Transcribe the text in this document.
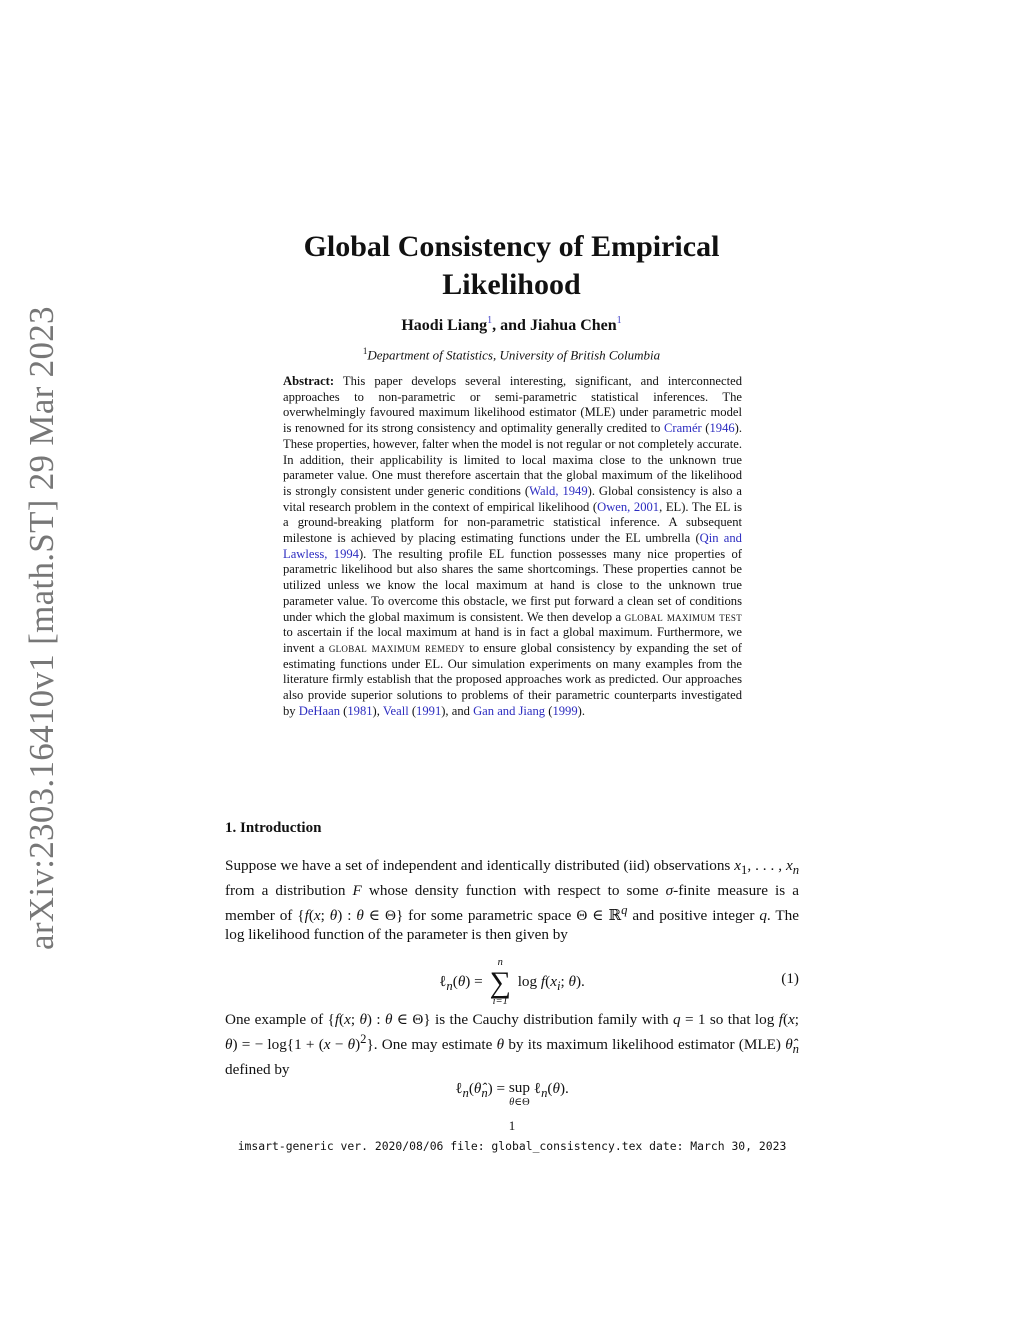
arXiv:2303.16410v1 [math.ST] 29 Mar 2023
Global Consistency of Empirical Likelihood
Haodi Liang$^1$, and Jiahua Chen$^1$
$^1$Department of Statistics, University of British Columbia
Abstract: This paper develops several interesting, significant, and interconnected approaches to non-parametric or semi-parametric statistical inferences. The overwhelmingly favoured maximum likelihood estimator (MLE) under parametric model is renowned for its strong consistency and optimality generally credited to Cramér (1946). These properties, however, falter when the model is not regular or not completely accurate. In addition, their applicability is limited to local maxima close to the unknown true parameter value. One must therefore ascertain that the global maximum of the likelihood is strongly consistent under generic conditions (Wald, 1949). Global consistency is also a vital research problem in the context of empirical likelihood (Owen, 2001, EL). The EL is a ground-breaking platform for non-parametric statistical inference. A subsequent milestone is achieved by placing estimating functions under the EL umbrella (Qin and Lawless, 1994). The resulting profile EL function possesses many nice properties of parametric likelihood but also shares the same shortcomings. These properties cannot be utilized unless we know the local maximum at hand is close to the unknown true parameter value. To overcome this obstacle, we first put forward a clean set of conditions under which the global maximum is consistent. We then develop a global maximum test to ascertain if the local maximum at hand is in fact a global maximum. Furthermore, we invent a global maximum remedy to ensure global consistency by expanding the set of estimating functions under EL. Our simulation experiments on many examples from the literature firmly establish that the proposed approaches work as predicted. Our approaches also provide superior solutions to problems of their parametric counterparts investigated by DeHaan (1981), Veall (1991), and Gan and Jiang (1999).
1. Introduction
Suppose we have a set of independent and identically distributed (iid) observations $x_1$, . . . , $x_n$ from a distribution F whose density function with respect to some σ-finite measure is a member of {f(x; θ) : θ ∈ Θ} for some parametric space Θ ∈ ℝ$^q$ and positive integer q. The log likelihood function of the parameter is then given by
ℓ$_n$(θ) =
n
∑
i=1
$\log f(x_i$; θ).	(1)
One example of {f(x; θ) : θ ∈ Θ} is the Cauchy distribution family with q = 1 so that log f(x; θ) = − $\log\{1 + (x - \theta)^2\}$. One may estimate θ by its maximum likelihood estimator (MLE) $\thetâ_n$ defined by
$\ell_n(\thetâ_n)$ = sup
θ∈Θ
ℓ$_n$(θ).
1
imsart-generic ver. 2020/08/06 file: global_consistency.tex date: March 30, 2023
